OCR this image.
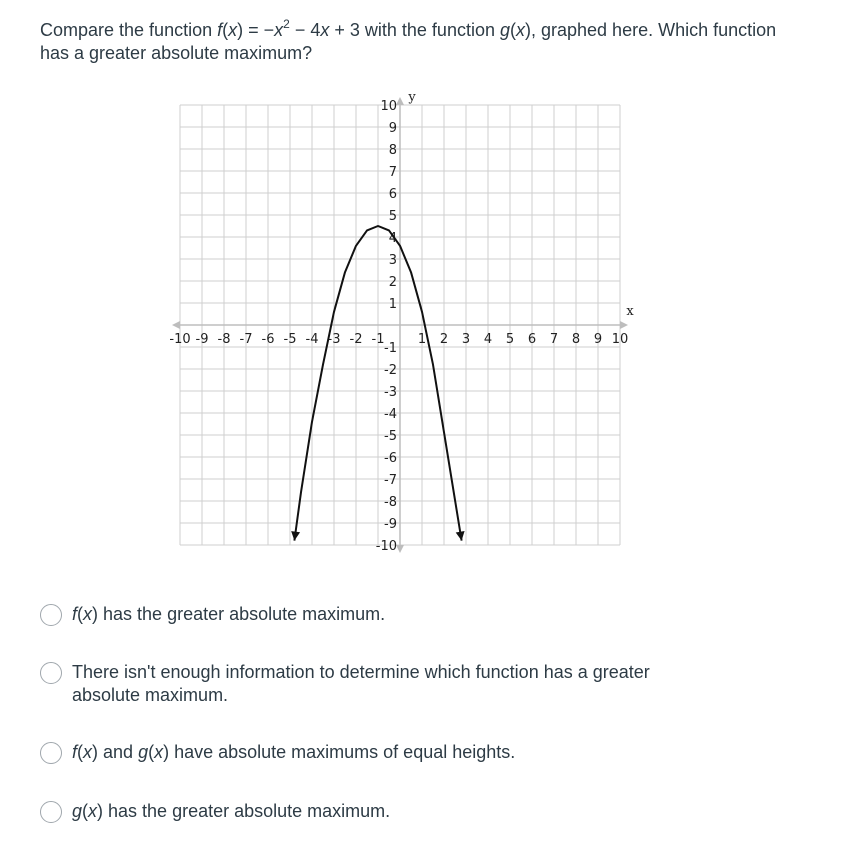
Compare the function $f(x) = -x^2 - 4x + 3$ with the function g(x), graphed here. Which function has a greater absolute maximum?
-10 -9 -8 -7 -6 -5 -4 -3 -2 -1	1 2 3 4 5 6 7 8 9 10
-10
-9
-8
-7
-6
-5
-4
-3
-2
-1
1
2
3
4
5
6
7
8
9
10
x
y
f(x) has the greater absolute maximum.
There isn't enough information to determine which function has a greater absolute maximum.
f(x) and g(x) have absolute maximums of equal heights.
g(x) has the greater absolute maximum.
